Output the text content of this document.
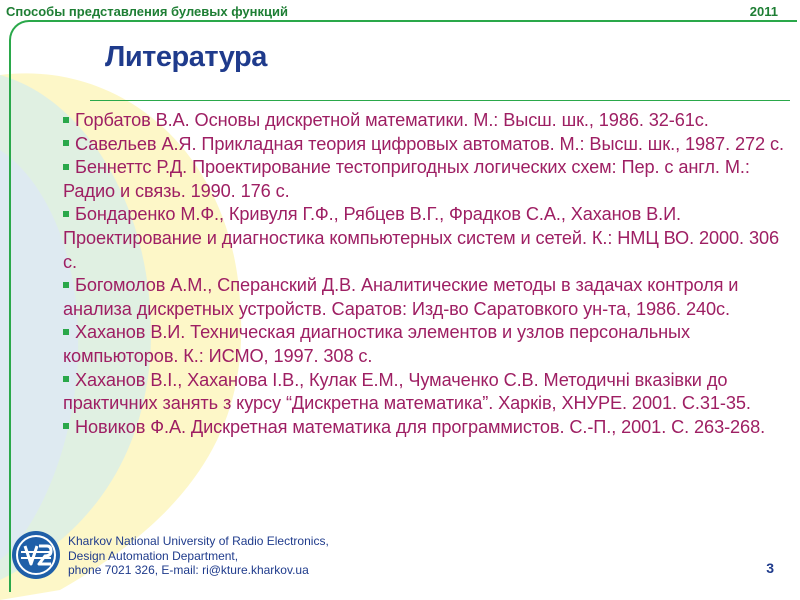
Способы представления булевых функций	2011
Литература

Горбатов В.А. Основы дискретной математики. М.: Высш. шк., 1986. 32-61с.

Савельев А.Я. Прикладная теория цифровых автоматов. М.: Высш. шк., 1987. 272 с.

Беннеттс Р.Д. Проектирование тестопригодных логических схем: Пер. с англ. М.: Радио и связь. 1990. 176 с.

Бондаренко М.Ф., Кривуля Г.Ф., Рябцев В.Г., Фрадков С.А., Хаханов В.И. Проектирование и диагностика компьютерных систем и сетей. К.: НМЦ ВО. 2000. 306 с.

Богомолов А.М., Сперанский Д.В. Аналитические методы в задачах контроля и анализа дискретных устройств. Саратов: Изд-во Саратовкого ун-та, 1986. 240с.

Хаханов В.И. Техническая диагностика элементов и узлов персональных компьюторов. К.: ИСМО, 1997. 308 с.

Хаханов В.І., Хаханова І.В., Кулак Е.М., Чумаченко С.В. Методичні вказівки до практичних занять з курсу “Дискретна математика”. Харків, ХНУРЕ. 2001. С.31-35.

Новиков Ф.А. Дискретная математика для программистов. С.-П., 2001. С. 263-268.

Kharkov National University of Radio Electronics,
Design Automation Department,
phone 7021 326, E-mail: ri@kture.kharkov.ua	3
